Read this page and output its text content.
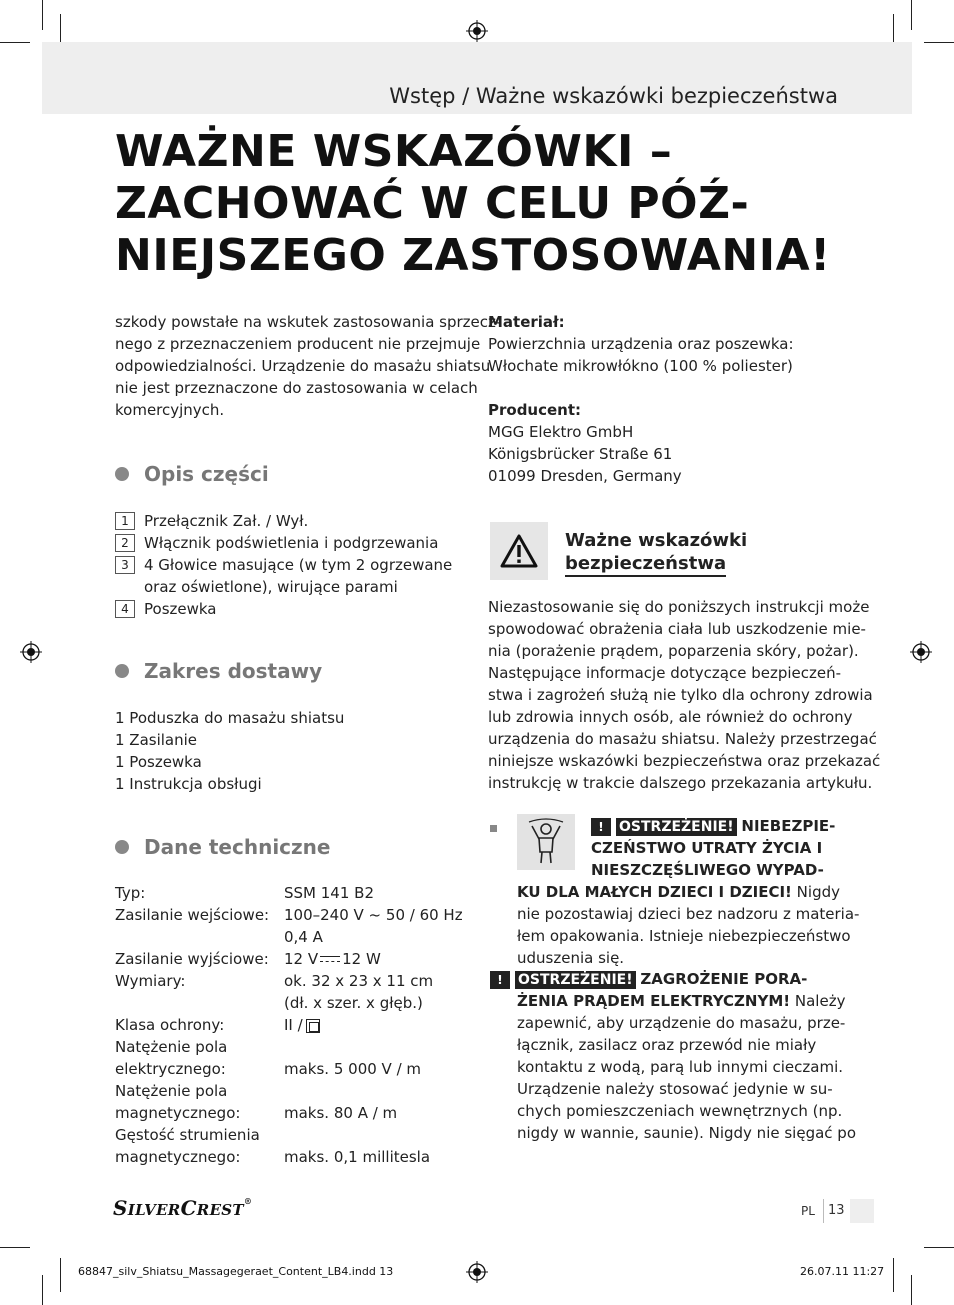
Wstęp / Ważne wskazówki bezpieczeństwa
WAŻNE WSKAZÓWKI –
ZACHOWAĆ W CELU PÓŹ-
NIEJSZEGO ZASTOSOWANIA!

szkody powstałe na wskutek zastosowania sprzecz-

nego z przeznaczeniem producent nie przejmuje

odpowiedzialności. Urządzenie do masażu shiatsu

nie jest przeznaczone do zastosowania w celach

komercyjnych.

Opis części
1	Przełącznik Zał. / Wył.
2	Włącznik podświetlenia i podgrzewania
3	4 Głowice masujące (w tym 2 ogrzewane
oraz oświetlone), wirujące parami
4	Poszewka
Zakres dostawy

1 Poduszka do masażu shiatsu

1 Zasilanie

1 Poszewka

1 Instrukcja obsługi

Dane techniczne
Typ:	SSM 141 B2
Zasilanie wejściowe: 100–240 V ~ 50 / 60 Hz
0,4 A
Zasilanie wyjściowe:	12 V 12 W
Wymiary:	ok. 32 x 23 x 11 cm
(dł. x szer. x głęb.)
Klasa ochrony:	II /
Natężenie pola
elektrycznego:	maks. 5 000 V / m
Natężenie pola
magnetycznego:	maks. 80 A / m
Gęstość strumienia
magnetycznego:	maks. 0,1 millitesla

Materiał:

Powierzchnia urządzenia oraz poszewka:

Włochate mikrowłókno (100 % poliester)

Producent:

MGG Elektro GmbH

Königsbrücker Straße 61

01099 Dresden, Germany

Ważne wskazówki
bezpieczeństwa

Niezastosowanie się do poniższych instrukcji może

spowodować obrażenia ciała lub uszkodzenie mie-

nia (porażenie prądem, poparzenia skóry, pożar).

Następujące informacje dotyczące bezpieczeń-

stwa i zagrożeń służą nie tylko dla ochrony zdrowia

lub zdrowia innych osób, ale również do ochrony

urządzenia do masażu shiatsu. Należy przestrzegać

niniejsze wskazówki bezpieczeństwa oraz przekazać

instrukcję w trakcie dalszego przekazania artykułu.

!	OSTRZEŻENIE! NIEBEZPIE-

CZEŃSTWO UTRATY ŻYCIA I

NIESZCZĘŚLIWEGO WYPAD-

KU DLA MAŁYCH DZIECI I DZIECI! Nigdy

nie pozostawiaj dzieci bez nadzoru z materia-

łem opakowania. Istnieje niebezpieczeństwo

uduszenia się.

!	OSTRZEŻENIE! ZAGROŻENIE PORA-

ŻENIA PRĄDEM ELEKTRYCZNYM! Należy

zapewnić, aby urządzenie do masażu, prze-

łącznik, zasilacz oraz przewód nie miały

kontaktu z wodą, parą lub innymi cieczami.

Urządzenie należy stosować jedynie w su-

chych pomieszczeniach wewnętrznych (np.

nigdy w wannie, saunie). Nigdy nie sięgać po

SILVERCREST®
PL 13
68847_silv_Shiatsu_Massagegeraet_Content_LB4.indd 13	26.07.11 11:27
